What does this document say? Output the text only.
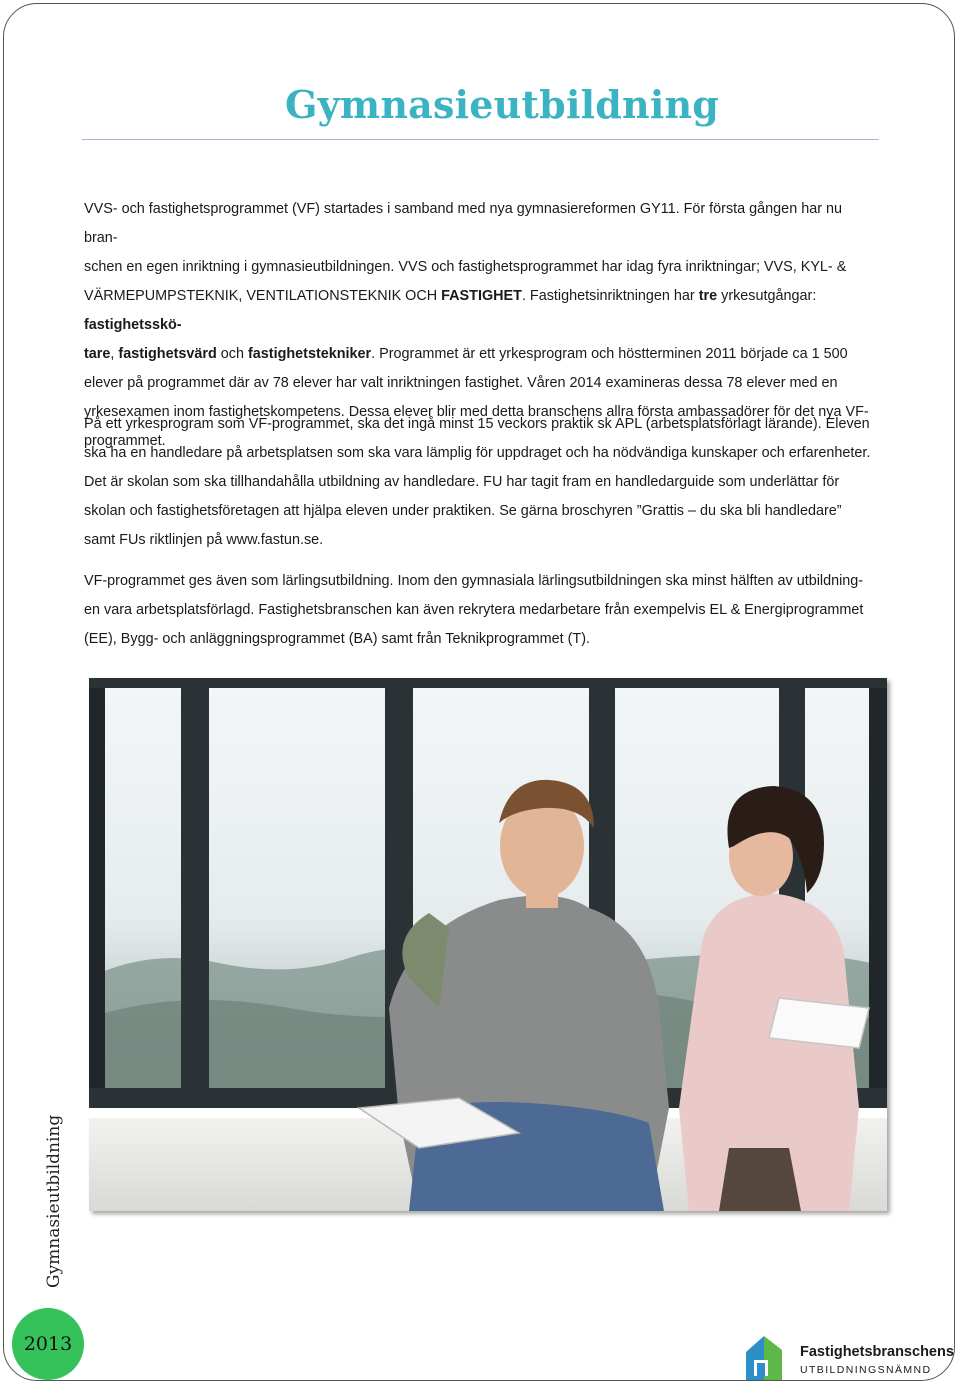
Gymnasieutbildning
VVS- och fastighetsprogrammet (VF) startades i samband med nya gymnasiereformen GY11. För första gången har nu bran-
schen en egen inriktning i gymnasieutbildningen. VVS och fastighetsprogrammet har idag fyra inriktningar; VVS, KYL- &
VÄRMEPUMPSTEKNIK, VENTILATIONSTEKNIK OCH FASTIGHET. Fastighetsinriktningen har tre yrkesutgångar: fastighetsskö-
tare, fastighetsvärd och fastighetstekniker. Programmet är ett yrkesprogram och höstterminen 2011 började ca 1 500
elever på programmet där av 78 elever har valt inriktningen fastighet. Våren 2014 examineras dessa 78 elever med en
yrkesexamen inom fastighetskompetens. Dessa elever blir med detta branschens allra första ambassadörer för det nya VF-
programmet.
På ett yrkesprogram som VF-programmet, ska det ingå minst 15 veckors praktik sk APL (arbetsplatsförlagt lärande). Eleven
ska ha en handledare på arbetsplatsen som ska vara lämplig för uppdraget och ha nödvändiga kunskaper och erfarenheter.
Det är skolan som ska tillhandahålla utbildning av handledare. FU har tagit fram en handledarguide som underlättar för
skolan och fastighetsföretagen att hjälpa eleven under praktiken. Se gärna broschyren ”Grattis – du ska bli handledare”
samt FUs riktlinjen på www.fastun.se.
VF-programmet ges även som lärlingsutbildning. Inom den gymnasiala lärlingsutbildningen ska minst hälften av utbildning-
en vara arbetsplatsförlagd. Fastighetsbranschen kan även rekrytera medarbetare från exempelvis EL & Energiprogrammet
(EE), Bygg- och anläggningsprogrammet (BA) samt från Teknikprogrammet (T).
Gymnasieutbildning
2013	Fastighetsbranschens
UTBILDNINGSNÄMND
